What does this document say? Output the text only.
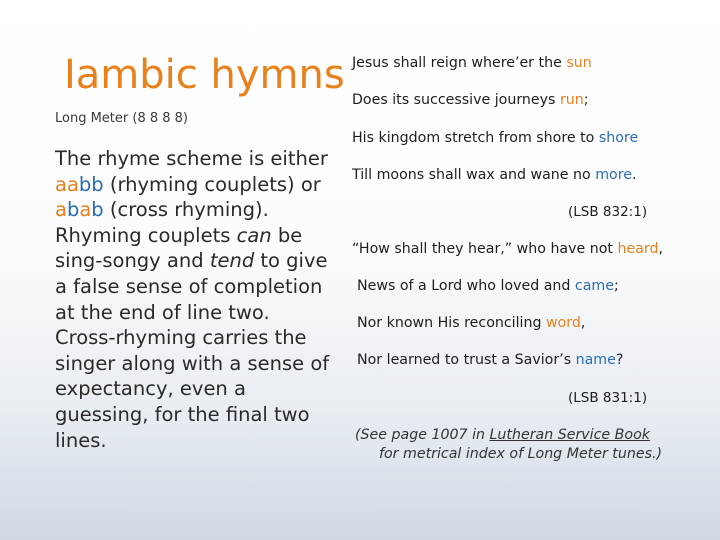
Iambic hymns
Long Meter (8 8 8 8)
The rhyme scheme is either aabb (rhyming couplets) or abab (cross rhyming). Rhyming couplets can be sing-songy and tend to give a false sense of completion at the end of line two. Cross-rhyming carries the singer along with a sense of expectancy, even a guessing, for the final two lines.
Jesus shall reign where’er the sun
Does its successive journeys run;
His kingdom stretch from shore to shore
Till moons shall wax and wane no more.
(LSB 832:1)
“How shall they hear,” who have not heard,
News of a Lord who loved and came;
Nor known His reconciling word,
Nor learned to trust a Savior’s name?
(LSB 831:1)
(See page 1007 in Lutheran Service Book
for metrical index of Long Meter tunes.)
